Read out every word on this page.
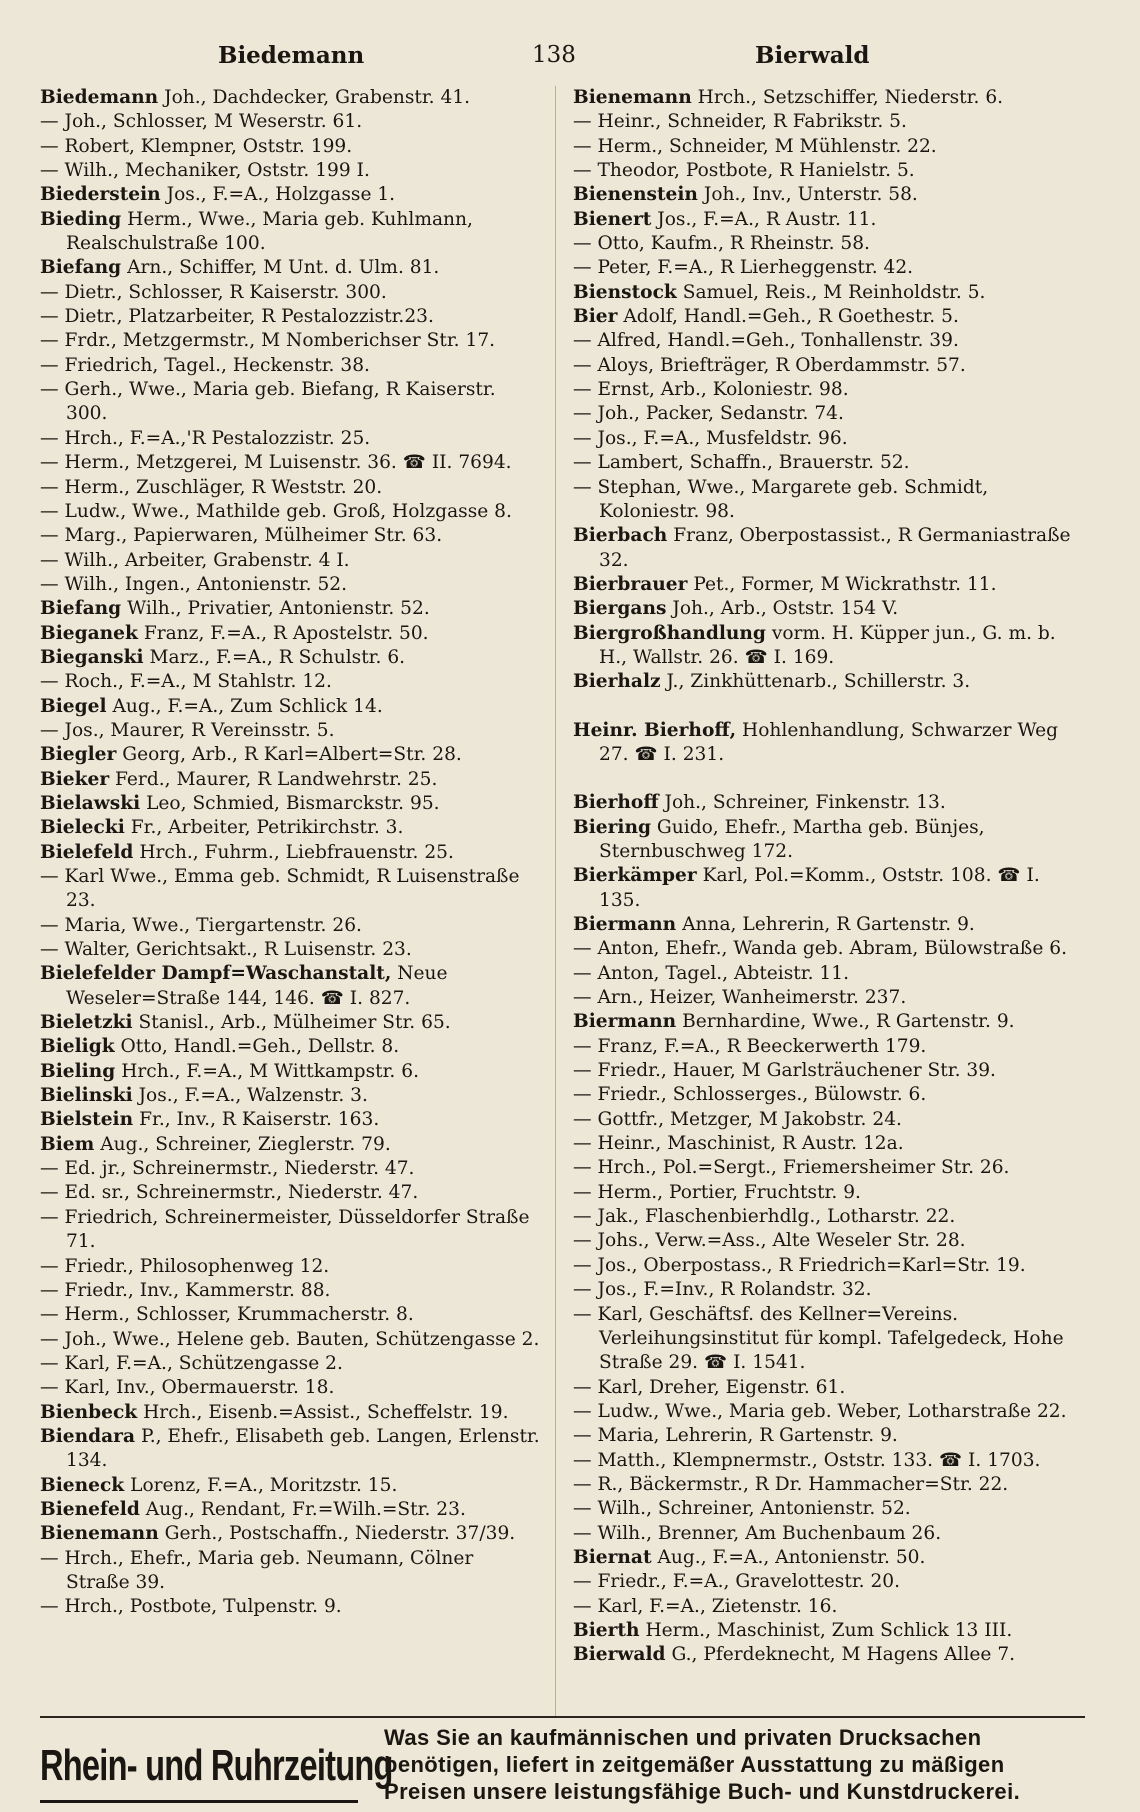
Biedemann	138	Bierwald

Biedemann Joh., Dachdecker, Grabenstr. 41.

— Joh., Schlosser, M Weserstr. 61.

— Robert, Klempner, Oststr. 199.

— Wilh., Mechaniker, Oststr. 199 I.

Biederstein Jos., F.=A., Holzgasse 1.

Bieding Herm., Wwe., Maria geb. Kuhlmann, Realschulstraße 100.

Biefang Arn., Schiffer, M Unt. d. Ulm. 81.

— Dietr., Schlosser, R Kaiserstr. 300.

— Dietr., Platzarbeiter, R Pestalozzistr.23.

— Frdr., Metzgermstr., M Nomberichser Str. 17.

— Friedrich, Tagel., Heckenstr. 38.

— Gerh., Wwe., Maria geb. Biefang, R Kaiserstr. 300.

— Hrch., F.=A.,'R Pestalozzistr. 25.

— Herm., Metzgerei, M Luisenstr. 36. ☎ II. 7694.

— Herm., Zuschläger, R Weststr. 20.

— Ludw., Wwe., Mathilde geb. Groß, Holzgasse 8.

— Marg., Papierwaren, Mülheimer Str. 63.

— Wilh., Arbeiter, Grabenstr. 4 I.

— Wilh., Ingen., Antonienstr. 52.

Biefang Wilh., Privatier, Antonienstr. 52.

Bieganek Franz, F.=A., R Apostelstr. 50.

Bieganski Marz., F.=A., R Schulstr. 6.

— Roch., F.=A., M Stahlstr. 12.

Biegel Aug., F.=A., Zum Schlick 14.

— Jos., Maurer, R Vereinsstr. 5.

Biegler Georg, Arb., R Karl=Albert=Str. 28.

Bieker Ferd., Maurer, R Landwehrstr. 25.

Bielawski Leo, Schmied, Bismarckstr. 95.

Bielecki Fr., Arbeiter, Petrikirchstr. 3.

Bielefeld Hrch., Fuhrm., Liebfrauenstr. 25.

— Karl Wwe., Emma geb. Schmidt, R Luisenstraße 23.

— Maria, Wwe., Tiergartenstr. 26.

— Walter, Gerichtsakt., R Luisenstr. 23.

Bielefelder Dampf=Waschanstalt, Neue Weseler=Straße 144, 146. ☎ I. 827.

Bieletzki Stanisl., Arb., Mülheimer Str. 65.

Bieligk Otto, Handl.=Geh., Dellstr. 8.

Bieling Hrch., F.=A., M Wittkampstr. 6.

Bielinski Jos., F.=A., Walzenstr. 3.

Bielstein Fr., Inv., R Kaiserstr. 163.

Biem Aug., Schreiner, Zieglerstr. 79.

— Ed. jr., Schreinermstr., Niederstr. 47.

— Ed. sr., Schreinermstr., Niederstr. 47.

— Friedrich, Schreinermeister, Düsseldorfer Straße 71.

— Friedr., Philosophenweg 12.

— Friedr., Inv., Kammerstr. 88.

— Herm., Schlosser, Krummacherstr. 8.

— Joh., Wwe., Helene geb. Bauten, Schützengasse 2.

— Karl, F.=A., Schützengasse 2.

— Karl, Inv., Obermauerstr. 18.

Bienbeck Hrch., Eisenb.=Assist., Scheffelstr. 19.

Biendara P., Ehefr., Elisabeth geb. Langen, Erlenstr. 134.

Bieneck Lorenz, F.=A., Moritzstr. 15.

Bienefeld Aug., Rendant, Fr.=Wilh.=Str. 23.

Bienemann Gerh., Postschaffn., Niederstr. 37/39.

— Hrch., Ehefr., Maria geb. Neumann, Cölner Straße 39.

— Hrch., Postbote, Tulpenstr. 9.

Bienemann Hrch., Setzschiffer, Niederstr. 6.

— Heinr., Schneider, R Fabrikstr. 5.

— Herm., Schneider, M Mühlenstr. 22.

— Theodor, Postbote, R Hanielstr. 5.

Bienenstein Joh., Inv., Unterstr. 58.

Bienert Jos., F.=A., R Austr. 11.

— Otto, Kaufm., R Rheinstr. 58.

— Peter, F.=A., R Lierheggenstr. 42.

Bienstock Samuel, Reis., M Reinholdstr. 5.

Bier Adolf, Handl.=Geh., R Goethestr. 5.

— Alfred, Handl.=Geh., Tonhallenstr. 39.

— Aloys, Briefträger, R Oberdammstr. 57.

— Ernst, Arb., Koloniestr. 98.

— Joh., Packer, Sedanstr. 74.

— Jos., F.=A., Musfeldstr. 96.

— Lambert, Schaffn., Brauerstr. 52.

— Stephan, Wwe., Margarete geb. Schmidt, Koloniestr. 98.

Bierbach Franz, Oberpostassist., R Germaniastraße 32.

Bierbrauer Pet., Former, M Wickrathstr. 11.

Biergans Joh., Arb., Oststr. 154 V.

Biergroßhandlung vorm. H. Küpper jun., G. m. b. H., Wallstr. 26. ☎ I. 169.

Bierhalz J., Zinkhüttenarb., Schillerstr. 3.

Heinr. Bierhoff, Hohlenhandlung, Schwarzer Weg 27. ☎ I. 231.

Bierhoff Joh., Schreiner, Finkenstr. 13.

Biering Guido, Ehefr., Martha geb. Bünjes, Sternbuschweg 172.

Bierkämper Karl, Pol.=Komm., Oststr. 108. ☎ I. 135.

Biermann Anna, Lehrerin, R Gartenstr. 9.

— Anton, Ehefr., Wanda geb. Abram, Bülowstraße 6.

— Anton, Tagel., Abteistr. 11.

— Arn., Heizer, Wanheimerstr. 237.

Biermann Bernhardine, Wwe., R Gartenstr. 9.

— Franz, F.=A., R Beeckerwerth 179.

— Friedr., Hauer, M Garlsträuchener Str. 39.

— Friedr., Schlosserges., Bülowstr. 6.

— Gottfr., Metzger, M Jakobstr. 24.

— Heinr., Maschinist, R Austr. 12a.

— Hrch., Pol.=Sergt., Friemersheimer Str. 26.

— Herm., Portier, Fruchtstr. 9.

— Jak., Flaschenbierhdlg., Lotharstr. 22.

— Johs., Verw.=Ass., Alte Weseler Str. 28.

— Jos., Oberpostass., R Friedrich=Karl=Str. 19.

— Jos., F.=Inv., R Rolandstr. 32.

— Karl, Geschäftsf. des Kellner=Vereins. Verleihungsinstitut für kompl. Tafelgedeck, Hohe Straße 29. ☎ I. 1541.

— Karl, Dreher, Eigenstr. 61.

— Ludw., Wwe., Maria geb. Weber, Lotharstraße 22.

— Maria, Lehrerin, R Gartenstr. 9.

— Matth., Klempnermstr., Oststr. 133. ☎ I. 1703.

— R., Bäckermstr., R Dr. Hammacher=Str. 22.

— Wilh., Schreiner, Antonienstr. 52.

— Wilh., Brenner, Am Buchenbaum 26.

Biernat Aug., F.=A., Antonienstr. 50.

— Friedr., F.=A., Gravelottestr. 20.

— Karl, F.=A., Zietenstr. 16.

Bierth Herm., Maschinist, Zum Schlick 13 III.

Bierwald G., Pferdeknecht, M Hagens Allee 7.

Rhein- und Ruhrzeitung
Was Sie an kaufmännischen und privaten Drucksachen
benötigen, liefert in zeitgemäßer Ausstattung zu mäßigen
Preisen unsere leistungsfähige Buch- und Kunstdruckerei.
